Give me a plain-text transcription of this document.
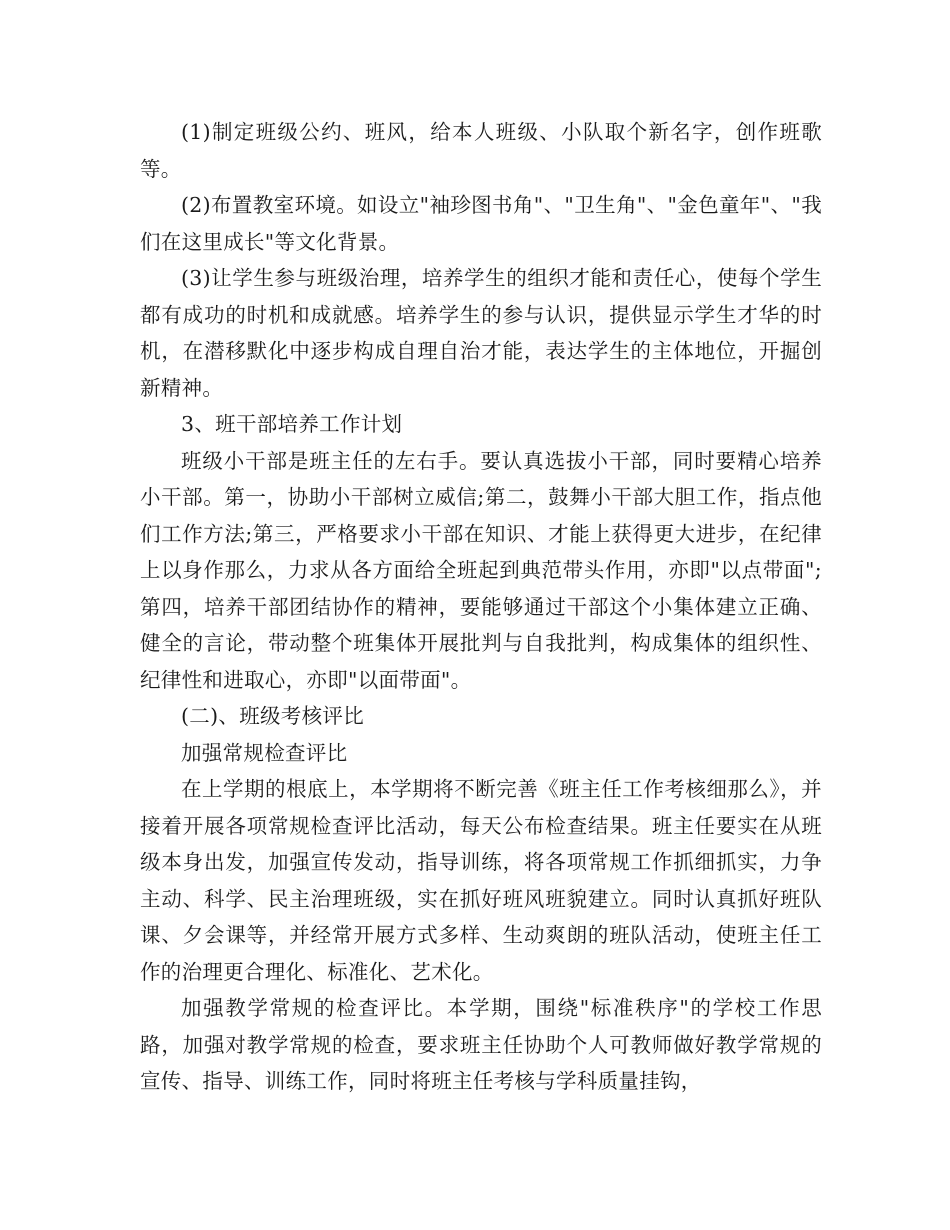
(1)制定班级公约、班风，给本人班级、小队取个新名字，创作班歌等。

(2)布置教室环境。如设立"袖珍图书角"、"卫生角"、"金色童年"、"我们在这里成长"等文化背景。

(3)让学生参与班级治理，培养学生的组织才能和责任心，使每个学生都有成功的时机和成就感。培养学生的参与认识，提供显示学生才华的时机，在潜移默化中逐步构成自理自治才能，表达学生的主体地位，开掘创新精神。

3、班干部培养工作计划

班级小干部是班主任的左右手。要认真选拔小干部，同时要精心培养小干部。第一，协助小干部树立威信;第二，鼓舞小干部大胆工作，指点他们工作方法;第三，严格要求小干部在知识、才能上获得更大进步，在纪律上以身作那么，力求从各方面给全班起到典范带头作用，亦即"以点带面";第四，培养干部团结协作的精神，要能够通过干部这个小集体建立正确、健全的言论，带动整个班集体开展批判与自我批判，构成集体的组织性、纪律性和进取心，亦即"以面带面"。

(二)、班级考核评比

加强常规检查评比

在上学期的根底上，本学期将不断完善《班主任工作考核细那么》，并接着开展各项常规检查评比活动，每天公布检查结果。班主任要实在从班级本身出发，加强宣传发动，指导训练，将各项常规工作抓细抓实，力争主动、科学、民主治理班级，实在抓好班风班貌建立。同时认真抓好班队课、夕会课等，并经常开展方式多样、生动爽朗的班队活动，使班主任工作的治理更合理化、标准化、艺术化。

加强教学常规的检查评比。本学期，围绕"标准秩序"的学校工作思路，加强对教学常规的检查，要求班主任协助个人可教师做好教学常规的宣传、指导、训练工作，同时将班主任考核与学科质量挂钩，
